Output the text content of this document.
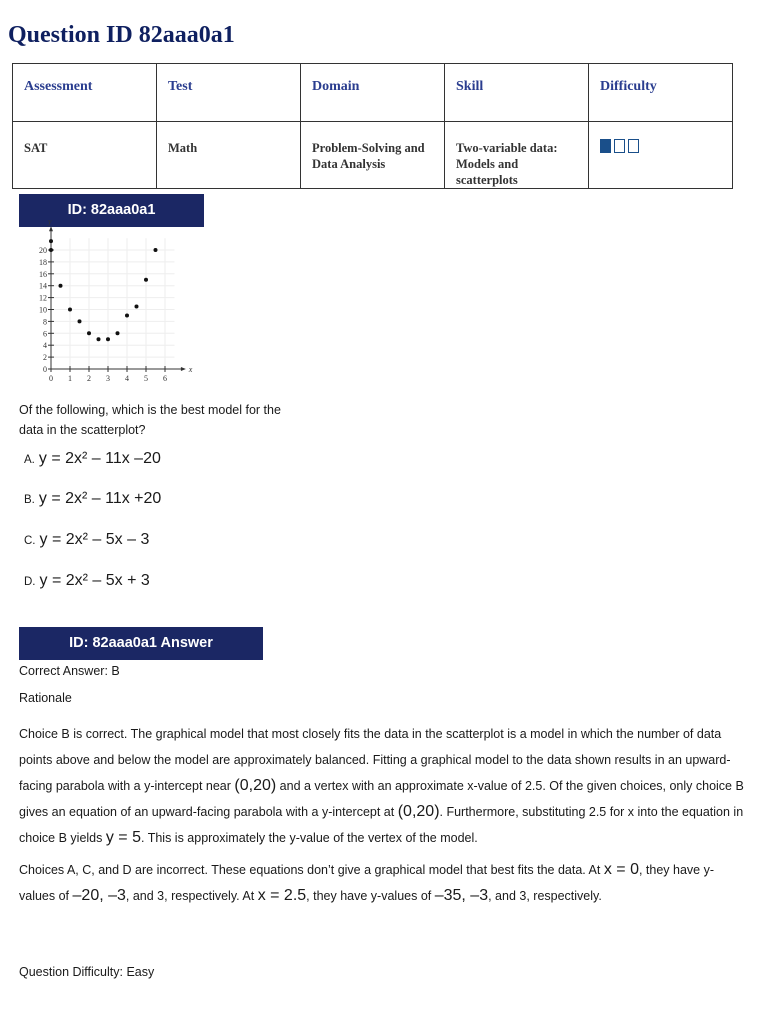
Question ID 82aaa0a1
Assessment	Test	Domain	Skill	Difficulty
SAT	Math	Problem-Solving and Data Analysis	Two-variable data: Models and scatterplots	
ID: 82aaa0a1
0 1 2 3 4 5 6
0
2
4
6
8
10
12
14
16
18
20
x
y
Of the following, which is the best model for the data in the scatterplot?
A. y = 2x² – 11x –20
B. y = 2x² – 11x +20
C. y = 2x² – 5x – 3
D. y = 2x² – 5x + 3
ID: 82aaa0a1 Answer
Correct Answer: B
Rationale
Choice B is correct. The graphical model that most closely fits the data in the scatterplot is a model in which the number of data points above and below the model are approximately balanced. Fitting a graphical model to the data shown results in an upward-facing parabola with a y-intercept near (0,20) and a vertex with an approximate x-value of 2.5. Of the given choices, only choice B gives an equation of an upward-facing parabola with a y-intercept at (0,20). Furthermore, substituting 2.5 for x into the equation in choice B yields y = 5. This is approximately the y-value of the vertex of the model.
Choices A, C, and D are incorrect. These equations don’t give a graphical model that best fits the data. At x = 0, they have y-values of –20, –3, and 3, respectively. At x = 2.5, they have y-values of –35, –3, and 3, respectively.
Question Difficulty: Easy
